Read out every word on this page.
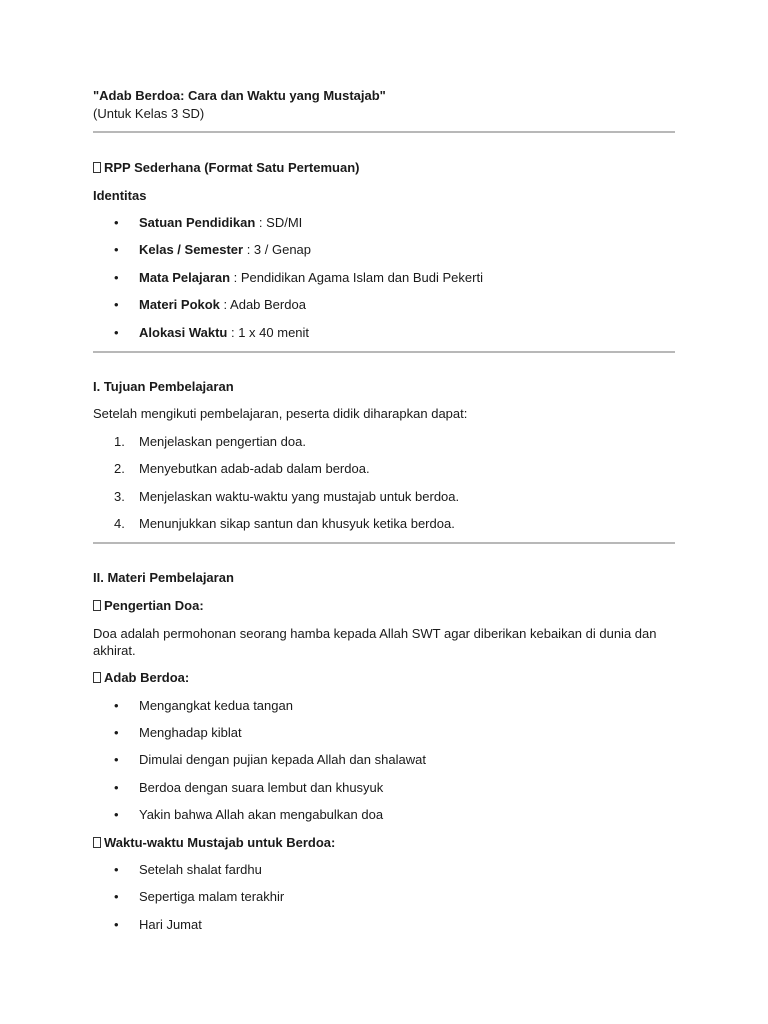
"Adab Berdoa: Cara dan Waktu yang Mustajab"
(Untuk Kelas 3 SD)
RPP Sederhana (Format Satu Pertemuan)
Identitas
• Satuan Pendidikan : SD/MI
• Kelas / Semester : 3 / Genap
• Mata Pelajaran : Pendidikan Agama Islam dan Budi Pekerti
• Materi Pokok : Adab Berdoa
• Alokasi Waktu : 1 x 40 menit
I. Tujuan Pembelajaran
Setelah mengikuti pembelajaran, peserta didik diharapkan dapat:
1. Menjelaskan pengertian doa.
2. Menyebutkan adab-adab dalam berdoa.
3. Menjelaskan waktu-waktu yang mustajab untuk berdoa.
4. Menunjukkan sikap santun dan khusyuk ketika berdoa.
II. Materi Pembelajaran
Pengertian Doa:
Doa adalah permohonan seorang hamba kepada Allah SWT agar diberikan kebaikan di dunia dan akhirat.
Adab Berdoa:
• Mengangkat kedua tangan
• Menghadap kiblat
• Dimulai dengan pujian kepada Allah dan shalawat
• Berdoa dengan suara lembut dan khusyuk
• Yakin bahwa Allah akan mengabulkan doa
Waktu-waktu Mustajab untuk Berdoa:
• Setelah shalat fardhu
• Sepertiga malam terakhir
• Hari Jumat
